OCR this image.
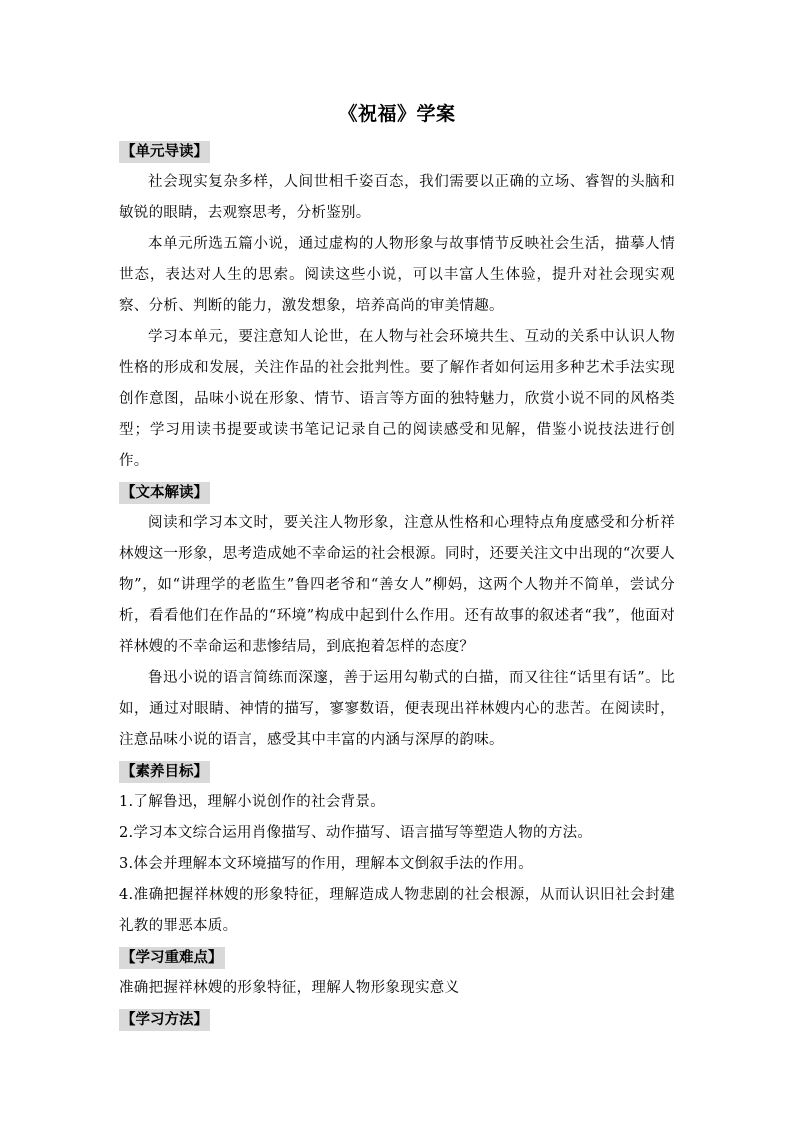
《祝福》学案
【单元导读】

社会现实复杂多样，人间世相千姿百态，我们需要以正确的立场、睿智的头脑和敏锐的眼睛，去观察思考，分析鉴别。

本单元所选五篇小说，通过虚构的人物形象与故事情节反映社会生活，描摹人情世态，表达对人生的思索。阅读这些小说，可以丰富人生体验，提升对社会现实观察、分析、判断的能力，激发想象，培养高尚的审美情趣。

学习本单元，要注意知人论世，在人物与社会环境共生、互动的关系中认识人物性格的形成和发展，关注作品的社会批判性。要了解作者如何运用多种艺术手法实现创作意图，品味小说在形象、情节、语言等方面的独特魅力，欣赏小说不同的风格类型；学习用读书提要或读书笔记记录自己的阅读感受和见解，借鉴小说技法进行创作。

【文本解读】

阅读和学习本文时，要关注人物形象，注意从性格和心理特点角度感受和分析祥林嫂这一形象，思考造成她不幸命运的社会根源。同时，还要关注文中出现的“次要人物”，如“讲理学的老监生”鲁四老爷和“善女人”柳妈，这两个人物并不简单，尝试分析，看看他们在作品的“环境”构成中起到什么作用。还有故事的叙述者“我”，他面对祥林嫂的不幸命运和悲惨结局，到底抱着怎样的态度？

鲁迅小说的语言简练而深邃，善于运用勾勒式的白描，而又往往“话里有话”。比如，通过对眼睛、神情的描写，寥寥数语，便表现出祥林嫂内心的悲苦。在阅读时，注意品味小说的语言，感受其中丰富的内涵与深厚的韵味。

【素养目标】

1.了解鲁迅，理解小说创作的社会背景。

2.学习本文综合运用肖像描写、动作描写、语言描写等塑造人物的方法。

3.体会并理解本文环境描写的作用，理解本文倒叙手法的作用。

4.准确把握祥林嫂的形象特征，理解造成人物悲剧的社会根源，从而认识旧社会封建礼教的罪恶本质。

【学习重难点】

准确把握祥林嫂的形象特征，理解人物形象现实意义

【学习方法】
